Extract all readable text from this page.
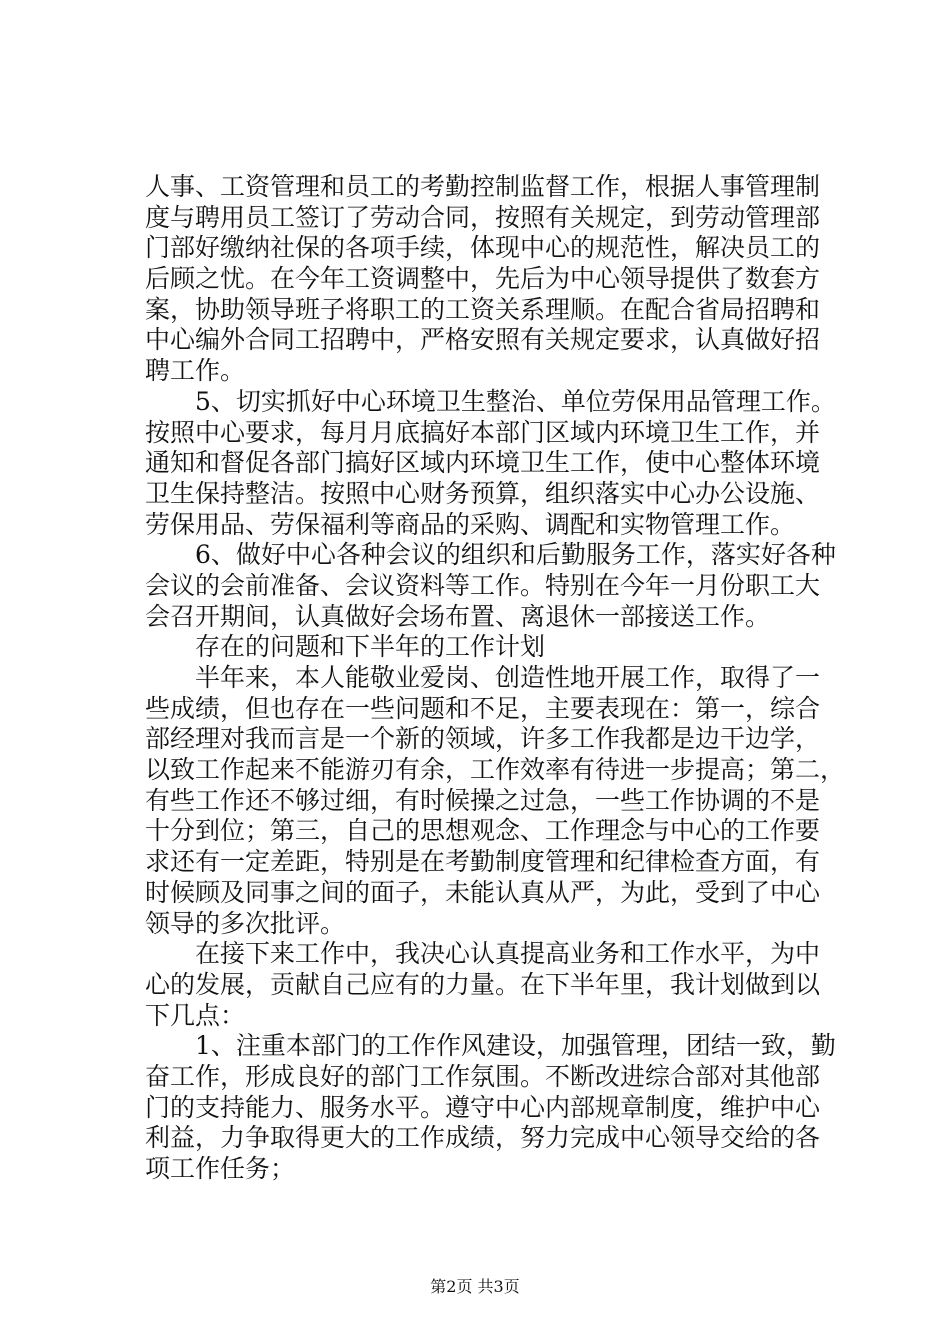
人事、工资管理和员工的考勤控制监督工作，根据人事管理制
度与聘用员工签订了劳动合同，按照有关规定，到劳动管理部
门部好缴纳社保的各项手续，体现中心的规范性，解决员工的
后顾之忧。在今年工资调整中，先后为中心领导提供了数套方
案，协助领导班子将职工的工资关系理顺。在配合省局招聘和
中心编外合同工招聘中，严格安照有关规定要求，认真做好招
聘工作。
　　5、切实抓好中心环境卫生整治、单位劳保用品管理工作。
按照中心要求，每月月底搞好本部门区域内环境卫生工作，并
通知和督促各部门搞好区域内环境卫生工作，使中心整体环境
卫生保持整洁。按照中心财务预算，组织落实中心办公设施、
劳保用品、劳保福利等商品的采购、调配和实物管理工作。
　　6、做好中心各种会议的组织和后勤服务工作，落实好各种
会议的会前准备、会议资料等工作。特别在今年一月份职工大
会召开期间，认真做好会场布置、离退休一部接送工作。
　　存在的问题和下半年的工作计划
　　半年来，本人能敬业爱岗、创造性地开展工作，取得了一
些成绩，但也存在一些问题和不足，主要表现在：第一，综合
部经理对我而言是一个新的领域，许多工作我都是边干边学，
以致工作起来不能游刃有余，工作效率有待进一步提高；第二，
有些工作还不够过细，有时候操之过急，一些工作协调的不是
十分到位；第三，自己的思想观念、工作理念与中心的工作要
求还有一定差距，特别是在考勤制度管理和纪律检查方面，有
时候顾及同事之间的面子，未能认真从严，为此，受到了中心
领导的多次批评。
　　在接下来工作中，我决心认真提高业务和工作水平，为中
心的发展，贡献自己应有的力量。在下半年里，我计划做到以
下几点：
　　1、注重本部门的工作作风建设，加强管理，团结一致，勤
奋工作，形成良好的部门工作氛围。不断改进综合部对其他部
门的支持能力、服务水平。遵守中心内部规章制度，维护中心
利益，力争取得更大的工作成绩，努力完成中心领导交给的各
项工作任务；
第2页 共3页
